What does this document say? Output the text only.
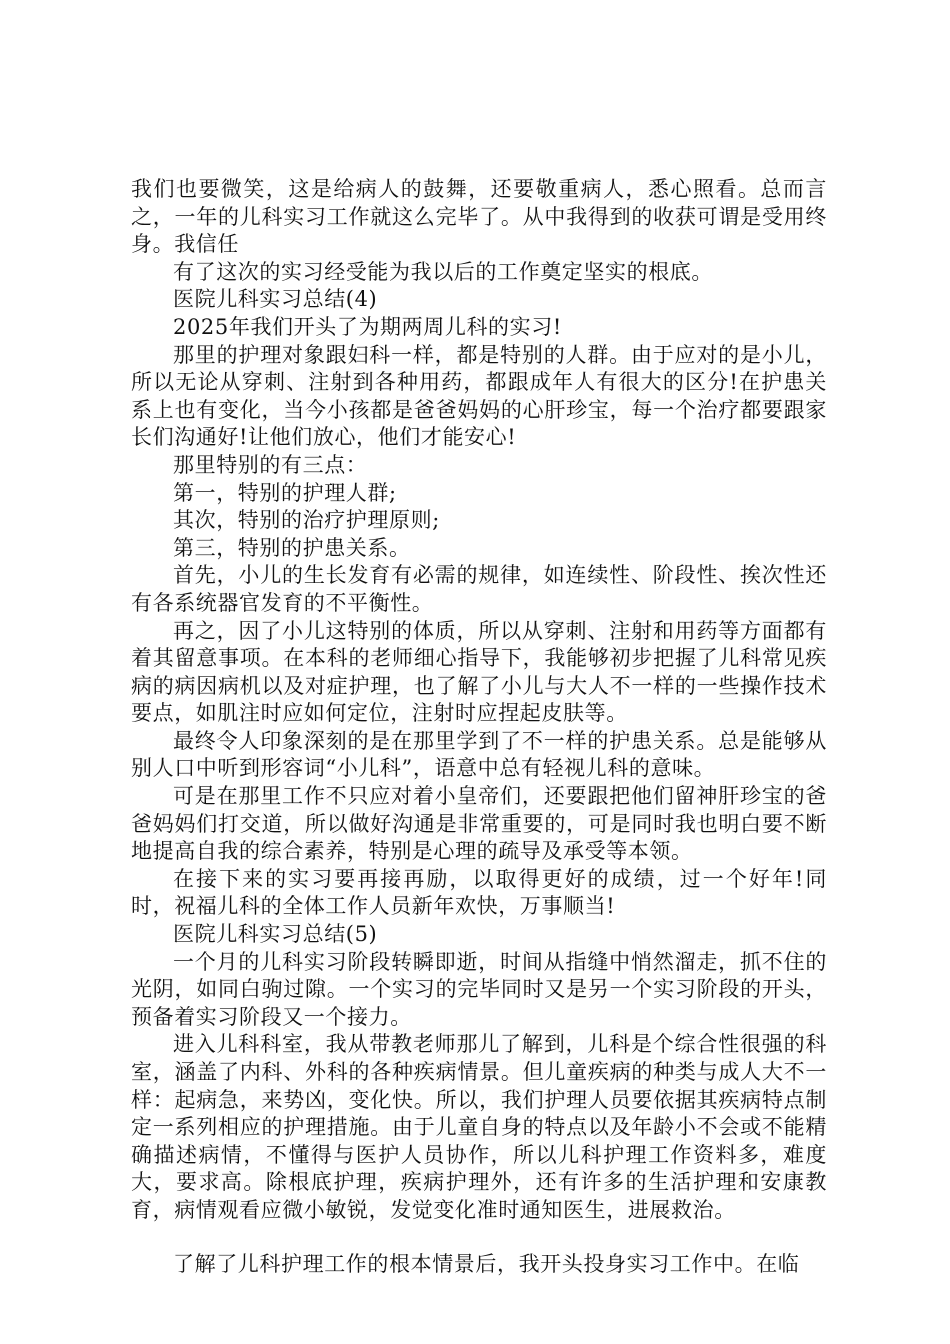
我们也要微笑，这是给病人的鼓舞，还要敬重病人，悉心照看。总而言之，一年的儿科实习工作就这么完毕了。从中我得到的收获可谓是受用终身。我信任

有了这次的实习经受能为我以后的工作奠定坚实的根底。

医院儿科实习总结(4)

2025年我们开头了为期两周儿科的实习!

那里的护理对象跟妇科一样，都是特别的人群。由于应对的是小儿，所以无论从穿刺、注射到各种用药，都跟成年人有很大的区分!在护患关系上也有变化，当今小孩都是爸爸妈妈的心肝珍宝，每一个治疗都要跟家长们沟通好!让他们放心，他们才能安心!

那里特别的有三点：

第一，特别的护理人群;

其次，特别的治疗护理原则;

第三，特别的护患关系。

首先，小儿的生长发育有必需的规律，如连续性、阶段性、挨次性还有各系统器官发育的不平衡性。

再之，因了小儿这特别的体质，所以从穿刺、注射和用药等方面都有着其留意事项。在本科的老师细心指导下，我能够初步把握了儿科常见疾病的病因病机以及对症护理，也了解了小儿与大人不一样的一些操作技术要点，如肌注时应如何定位，注射时应捏起皮肤等。

最终令人印象深刻的是在那里学到了不一样的护患关系。总是能够从别人口中听到形容词“小儿科”，语意中总有轻视儿科的意味。

可是在那里工作不只应对着小皇帝们，还要跟把他们留神肝珍宝的爸爸妈妈们打交道，所以做好沟通是非常重要的，可是同时我也明白要不断地提高自我的综合素养，特别是心理的疏导及承受等本领。

在接下来的实习要再接再励，以取得更好的成绩，过一个好年!同时，祝福儿科的全体工作人员新年欢快，万事顺当!

医院儿科实习总结(5)

一个月的儿科实习阶段转瞬即逝，时间从指缝中悄然溜走，抓不住的光阴，如同白驹过隙。一个实习的完毕同时又是另一个实习阶段的开头，预备着实习阶段又一个接力。

进入儿科科室，我从带教老师那儿了解到，儿科是个综合性很强的科室，涵盖了内科、外科的各种疾病情景。但儿童疾病的种类与成人大不一样：起病急，来势凶，变化快。所以，我们护理人员要依据其疾病特点制定一系列相应的护理措施。由于儿童自身的特点以及年龄小不会或不能精确描述病情，不懂得与医护人员协作，所以儿科护理工作资料多，难度大，要求高。除根底护理，疾病护理外，还有许多的生活护理和安康教育，病情观看应微小敏锐，发觉变化准时通知医生，进展救治。

了解了儿科护理工作的根本情景后，我开头投身实习工作中。在临
